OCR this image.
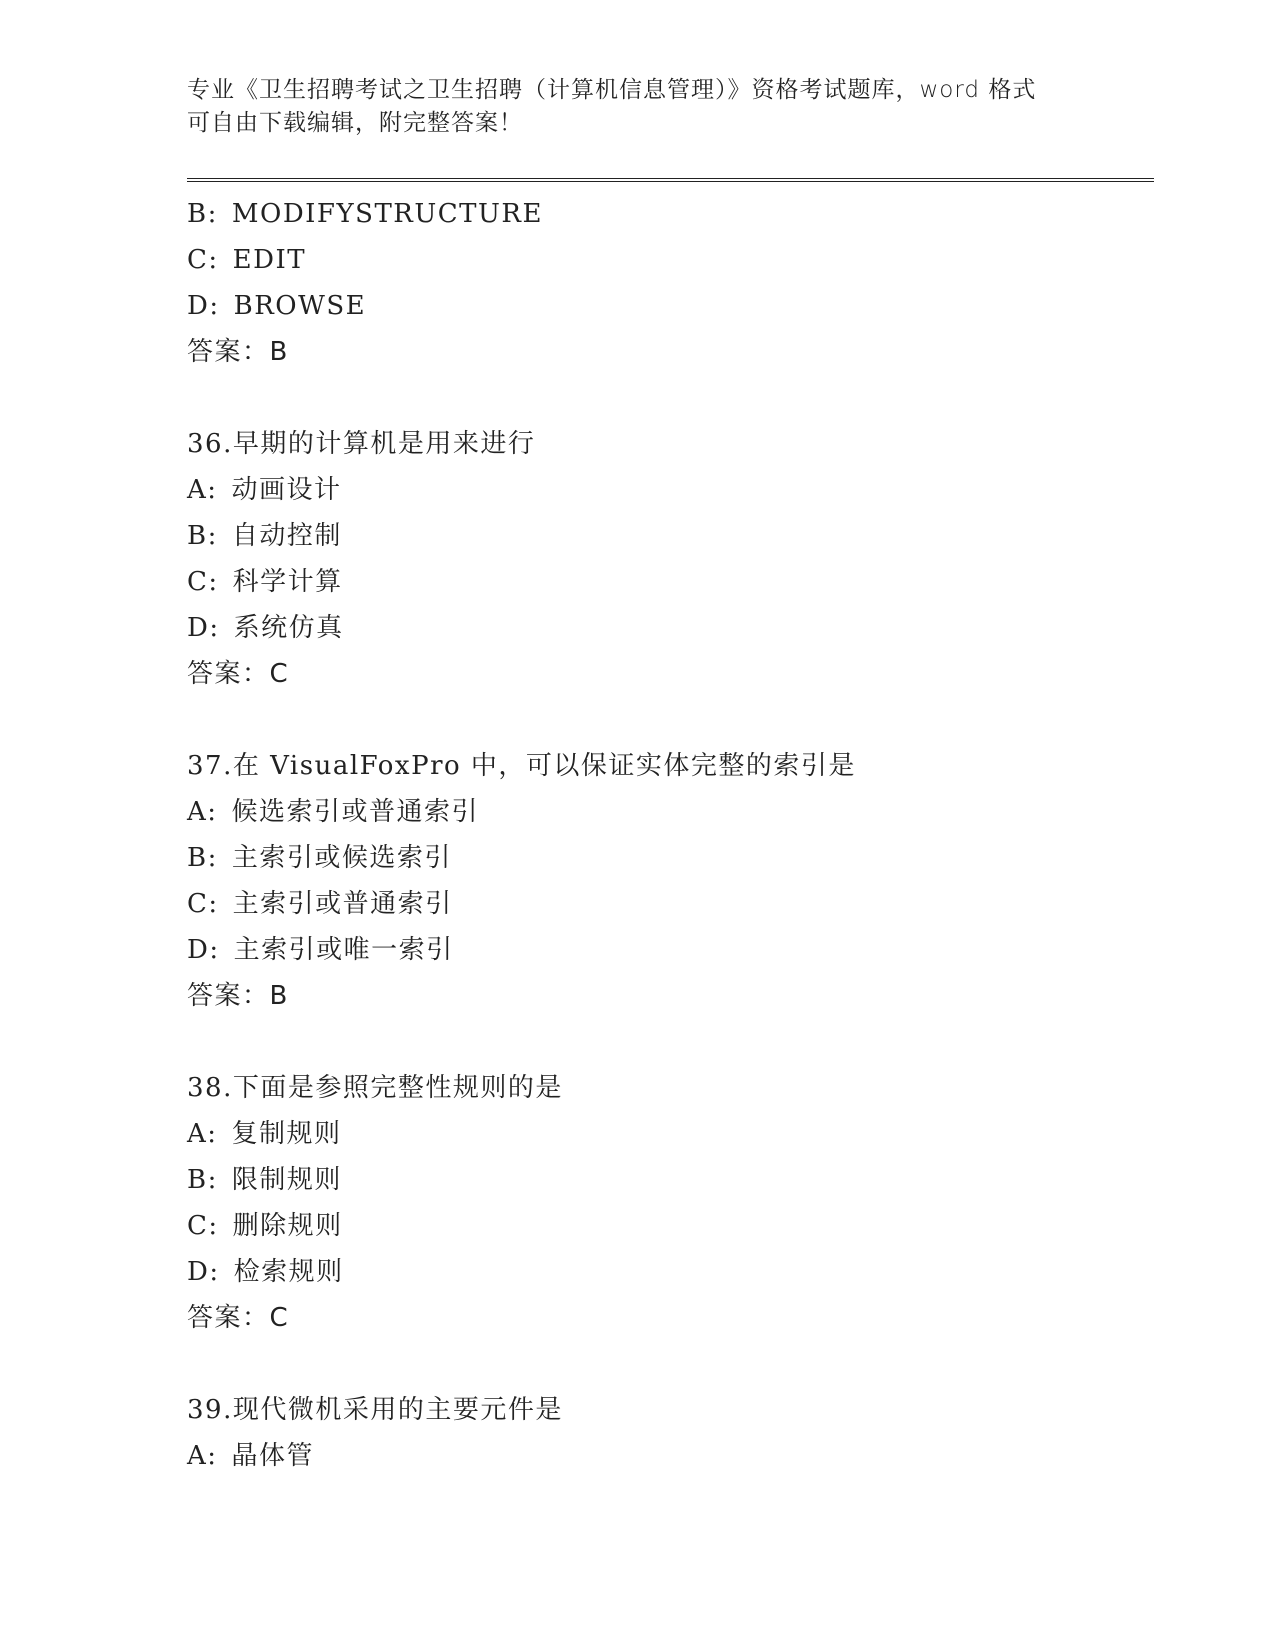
专业《卫生招聘考试之卫生招聘（计算机信息管理）》资格考试题库，word 格式
可自由下载编辑，附完整答案！
B: MODIFYSTRUCTURE
C: EDIT
D: BROWSE
答案：B
36.早期的计算机是用来进行
A: 动画设计
B: 自动控制
C: 科学计算
D: 系统仿真
答案：C
37.在 VisualFoxPro 中，可以保证实体完整的索引是
A: 候选索引或普通索引
B: 主索引或候选索引
C: 主索引或普通索引
D: 主索引或唯一索引
答案：B
38.下面是参照完整性规则的是
A: 复制规则
B: 限制规则
C: 删除规则
D: 检索规则
答案：C
39.现代微机采用的主要元件是
A: 晶体管
